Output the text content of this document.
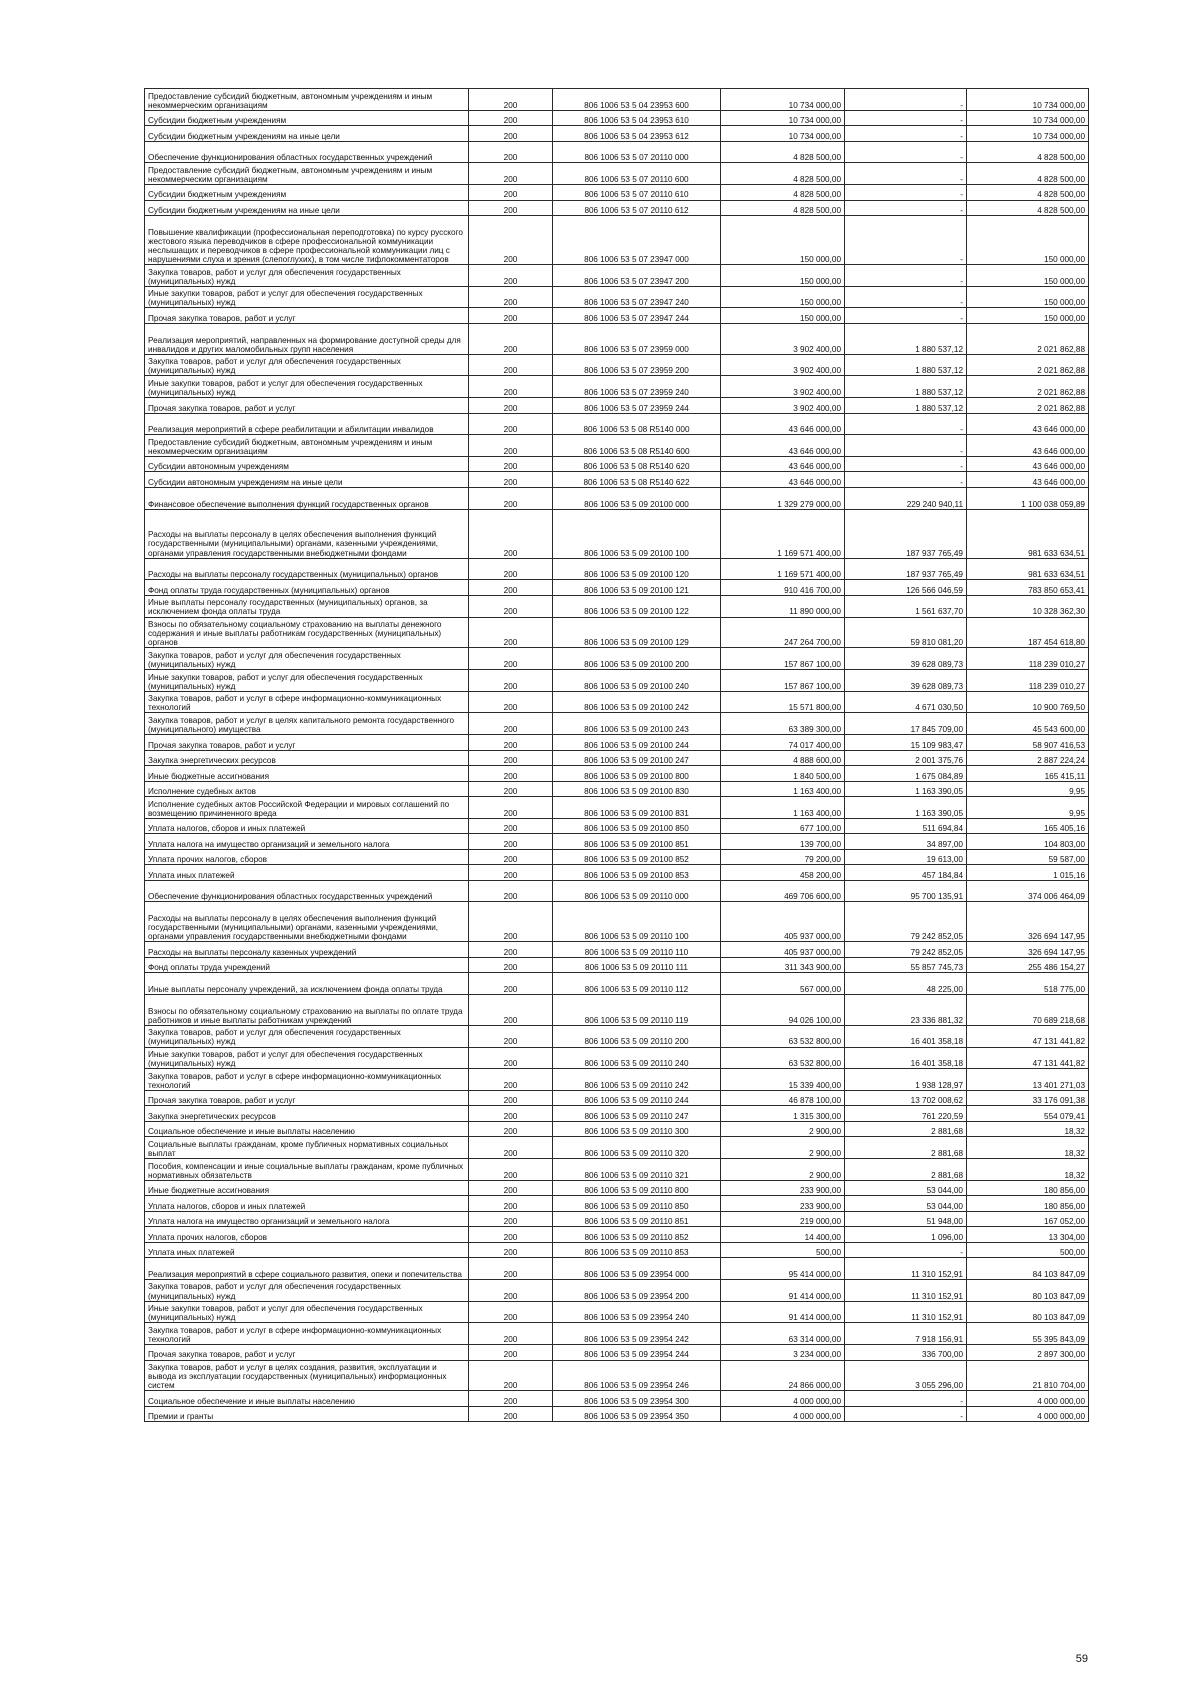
Предоставление субсидий бюджетным, автономным учреждениям и иным некоммерческим организациям	200	806 1006 53 5 04 23953 600	10 734 000,00	-	10 734 000,00
Субсидии бюджетным учреждениям	200	806 1006 53 5 04 23953 610	10 734 000,00	-	10 734 000,00
Субсидии бюджетным учреждениям на иные цели	200	806 1006 53 5 04 23953 612	10 734 000,00	-	10 734 000,00
Обеспечение функционирования областных государственных учреждений	200	806 1006 53 5 07 20110 000	4 828 500,00	-	4 828 500,00
Предоставление субсидий бюджетным, автономным учреждениям и иным некоммерческим организациям	200	806 1006 53 5 07 20110 600	4 828 500,00	-	4 828 500,00
Субсидии бюджетным учреждениям	200	806 1006 53 5 07 20110 610	4 828 500,00	-	4 828 500,00
Субсидии бюджетным учреждениям на иные цели	200	806 1006 53 5 07 20110 612	4 828 500,00	-	4 828 500,00
Повышение квалификации (профессиональная переподготовка) по курсу русского жестового языка переводчиков в сфере профессиональной коммуникации неслышащих и переводчиков в сфере профессиональной коммуникации лиц с нарушениями слуха и зрения (слепоглухих), в том числе тифлокомментаторов	200	806 1006 53 5 07 23947 000	150 000,00	-	150 000,00
Закупка товаров, работ и услуг для обеспечения государственных (муниципальных) нужд	200	806 1006 53 5 07 23947 200	150 000,00	-	150 000,00
Иные закупки товаров, работ и услуг для обеспечения государственных (муниципальных) нужд	200	806 1006 53 5 07 23947 240	150 000,00	-	150 000,00
Прочая закупка товаров, работ и услуг	200	806 1006 53 5 07 23947 244	150 000,00	-	150 000,00
Реализация мероприятий, направленных на формирование доступной среды для инвалидов и других маломобильных групп населения	200	806 1006 53 5 07 23959 000	3 902 400,00	1 880 537,12	2 021 862,88
Закупка товаров, работ и услуг для обеспечения государственных (муниципальных) нужд	200	806 1006 53 5 07 23959 200	3 902 400,00	1 880 537,12	2 021 862,88
Иные закупки товаров, работ и услуг для обеспечения государственных (муниципальных) нужд	200	806 1006 53 5 07 23959 240	3 902 400,00	1 880 537,12	2 021 862,88
Прочая закупка товаров, работ и услуг	200	806 1006 53 5 07 23959 244	3 902 400,00	1 880 537,12	2 021 862,88
Реализация мероприятий в сфере реабилитации и абилитации инвалидов	200	806 1006 53 5 08 R5140 000	43 646 000,00	-	43 646 000,00
Предоставление субсидий бюджетным, автономным учреждениям и иным некоммерческим организациям	200	806 1006 53 5 08 R5140 600	43 646 000,00	-	43 646 000,00
Субсидии автономным учреждениям	200	806 1006 53 5 08 R5140 620	43 646 000,00	-	43 646 000,00
Субсидии автономным учреждениям на иные цели	200	806 1006 53 5 08 R5140 622	43 646 000,00	-	43 646 000,00
Финансовое обеспечение выполнения функций государственных органов	200	806 1006 53 5 09 20100 000	1 329 279 000,00	229 240 940,11	1 100 038 059,89
Расходы на выплаты персоналу в целях обеспечения выполнения функций государственными (муниципальными) органами, казенными учреждениями, органами управления государственными внебюджетными фондами	200	806 1006 53 5 09 20100 100	1 169 571 400,00	187 937 765,49	981 633 634,51
Расходы на выплаты персоналу государственных (муниципальных) органов	200	806 1006 53 5 09 20100 120	1 169 571 400,00	187 937 765,49	981 633 634,51
Фонд оплаты труда государственных (муниципальных) органов	200	806 1006 53 5 09 20100 121	910 416 700,00	126 566 046,59	783 850 653,41
Иные выплаты персоналу государственных (муниципальных) органов, за исключением фонда оплаты труда	200	806 1006 53 5 09 20100 122	11 890 000,00	1 561 637,70	10 328 362,30
Взносы по обязательному социальному страхованию на выплаты денежного содержания и иные выплаты работникам государственных (муниципальных) органов	200	806 1006 53 5 09 20100 129	247 264 700,00	59 810 081,20	187 454 618,80
Закупка товаров, работ и услуг для обеспечения государственных (муниципальных) нужд	200	806 1006 53 5 09 20100 200	157 867 100,00	39 628 089,73	118 239 010,27
Иные закупки товаров, работ и услуг для обеспечения государственных (муниципальных) нужд	200	806 1006 53 5 09 20100 240	157 867 100,00	39 628 089,73	118 239 010,27
Закупка товаров, работ и услуг в сфере информационно-коммуникационных технологий	200	806 1006 53 5 09 20100 242	15 571 800,00	4 671 030,50	10 900 769,50
Закупка товаров, работ и услуг в целях капитального ремонта государственного (муниципального) имущества	200	806 1006 53 5 09 20100 243	63 389 300,00	17 845 709,00	45 543 600,00
Прочая закупка товаров, работ и услуг	200	806 1006 53 5 09 20100 244	74 017 400,00	15 109 983,47	58 907 416,53
Закупка энергетических ресурсов	200	806 1006 53 5 09 20100 247	4 888 600,00	2 001 375,76	2 887 224,24
Иные бюджетные ассигнования	200	806 1006 53 5 09 20100 800	1 840 500,00	1 675 084,89	165 415,11
Исполнение судебных актов	200	806 1006 53 5 09 20100 830	1 163 400,00	1 163 390,05	9,95
Исполнение судебных актов Российской Федерации и мировых соглашений по возмещению причиненного вреда	200	806 1006 53 5 09 20100 831	1 163 400,00	1 163 390,05	9,95
Уплата налогов, сборов и иных платежей	200	806 1006 53 5 09 20100 850	677 100,00	511 694,84	165 405,16
Уплата налога на имущество организаций и земельного налога	200	806 1006 53 5 09 20100 851	139 700,00	34 897,00	104 803,00
Уплата прочих налогов, сборов	200	806 1006 53 5 09 20100 852	79 200,00	19 613,00	59 587,00
Уплата иных платежей	200	806 1006 53 5 09 20100 853	458 200,00	457 184,84	1 015,16
Обеспечение функционирования областных государственных учреждений	200	806 1006 53 5 09 20110 000	469 706 600,00	95 700 135,91	374 006 464,09
Расходы на выплаты персоналу в целях обеспечения выполнения функций государственными (муниципальными) органами, казенными учреждениями, органами управления государственными внебюджетными фондами	200	806 1006 53 5 09 20110 100	405 937 000,00	79 242 852,05	326 694 147,95
Расходы на выплаты персоналу казенных учреждений	200	806 1006 53 5 09 20110 110	405 937 000,00	79 242 852,05	326 694 147,95
Фонд оплаты труда учреждений	200	806 1006 53 5 09 20110 111	311 343 900,00	55 857 745,73	255 486 154,27
Иные выплаты персоналу учреждений, за исключением фонда оплаты труда	200	806 1006 53 5 09 20110 112	567 000,00	48 225,00	518 775,00
Взносы по обязательному социальному страхованию на выплаты по оплате труда работников и иные выплаты работникам учреждений	200	806 1006 53 5 09 20110 119	94 026 100,00	23 336 881,32	70 689 218,68
Закупка товаров, работ и услуг для обеспечения государственных (муниципальных) нужд	200	806 1006 53 5 09 20110 200	63 532 800,00	16 401 358,18	47 131 441,82
Иные закупки товаров, работ и услуг для обеспечения государственных (муниципальных) нужд	200	806 1006 53 5 09 20110 240	63 532 800,00	16 401 358,18	47 131 441,82
Закупка товаров, работ и услуг в сфере информационно-коммуникационных технологий	200	806 1006 53 5 09 20110 242	15 339 400,00	1 938 128,97	13 401 271,03
Прочая закупка товаров, работ и услуг	200	806 1006 53 5 09 20110 244	46 878 100,00	13 702 008,62	33 176 091,38
Закупка энергетических ресурсов	200	806 1006 53 5 09 20110 247	1 315 300,00	761 220,59	554 079,41
Социальное обеспечение и иные выплаты населению	200	806 1006 53 5 09 20110 300	2 900,00	2 881,68	18,32
Социальные выплаты гражданам, кроме публичных нормативных социальных выплат	200	806 1006 53 5 09 20110 320	2 900,00	2 881,68	18,32
Пособия, компенсации и иные социальные выплаты гражданам, кроме публичных нормативных обязательств	200	806 1006 53 5 09 20110 321	2 900,00	2 881,68	18,32
Иные бюджетные ассигнования	200	806 1006 53 5 09 20110 800	233 900,00	53 044,00	180 856,00
Уплата налогов, сборов и иных платежей	200	806 1006 53 5 09 20110 850	233 900,00	53 044,00	180 856,00
Уплата налога на имущество организаций и земельного налога	200	806 1006 53 5 09 20110 851	219 000,00	51 948,00	167 052,00
Уплата прочих налогов, сборов	200	806 1006 53 5 09 20110 852	14 400,00	1 096,00	13 304,00
Уплата иных платежей	200	806 1006 53 5 09 20110 853	500,00	-	500,00
Реализация мероприятий в сфере социального развития, опеки и попечительства	200	806 1006 53 5 09 23954 000	95 414 000,00	11 310 152,91	84 103 847,09
Закупка товаров, работ и услуг для обеспечения государственных (муниципальных) нужд	200	806 1006 53 5 09 23954 200	91 414 000,00	11 310 152,91	80 103 847,09
Иные закупки товаров, работ и услуг для обеспечения государственных (муниципальных) нужд	200	806 1006 53 5 09 23954 240	91 414 000,00	11 310 152,91	80 103 847,09
Закупка товаров, работ и услуг в сфере информационно-коммуникационных технологий	200	806 1006 53 5 09 23954 242	63 314 000,00	7 918 156,91	55 395 843,09
Прочая закупка товаров, работ и услуг	200	806 1006 53 5 09 23954 244	3 234 000,00	336 700,00	2 897 300,00
Закупка товаров, работ и услуг в целях создания, развития, эксплуатации и вывода из эксплуатации государственных (муниципальных) информационных систем	200	806 1006 53 5 09 23954 246	24 866 000,00	3 055 296,00	21 810 704,00
Социальное обеспечение и иные выплаты населению	200	806 1006 53 5 09 23954 300	4 000 000,00	-	4 000 000,00
Премии и гранты	200	806 1006 53 5 09 23954 350	4 000 000,00	-	4 000 000,00
59
